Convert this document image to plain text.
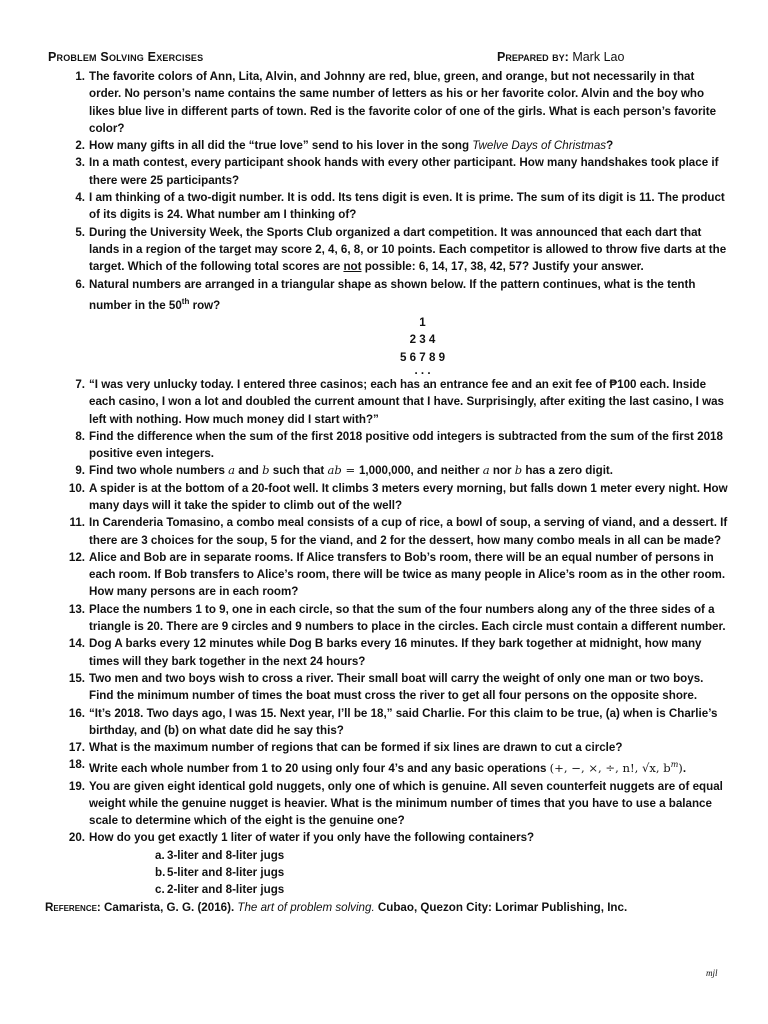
Problem Solving Exercises	Prepared by: Mark Lao
1. The favorite colors of Ann, Lita, Alvin, and Johnny are red, blue, green, and orange, but not necessarily in that order. No person’s name contains the same number of letters as his or her favorite color. Alvin and the boy who likes blue live in different parts of town. Red is the favorite color of one of the girls. What is each person’s favorite color?
2. How many gifts in all did the “true love” send to his lover in the song Twelve Days of Christmas?
3. In a math contest, every participant shook hands with every other participant. How many handshakes took place if there were 25 participants?
4. I am thinking of a two-digit number. It is odd. Its tens digit is even. It is prime. The sum of its digit is 11. The product of its digits is 24. What number am I thinking of?
5. During the University Week, the Sports Club organized a dart competition. It was announced that each dart that lands in a region of the target may score 2, 4, 6, 8, or 10 points. Each competitor is allowed to throw five darts at the target. Which of the following total scores are not possible: 6, 14, 17, 38, 42, 57? Justify your answer.
6. Natural numbers are arranged in a triangular shape as shown below. If the pattern continues, what is the tenth number in the 50th row?
1
2 3 4
5 6 7 8 9
. . .
7. “I was very unlucky today. I entered three casinos; each has an entrance fee and an exit fee of ₱100 each. Inside each casino, I won a lot and doubled the current amount that I have. Surprisingly, after exiting the last casino, I was left with nothing. How much money did I start with?”
8. Find the difference when the sum of the first 2018 positive odd integers is subtracted from the sum of the first 2018 positive even integers.
9. Find two whole numbers a and b such that ab = 1,000,000, and neither a nor b has a zero digit.
10. A spider is at the bottom of a 20-foot well. It climbs 3 meters every morning, but falls down 1 meter every night. How many days will it take the spider to climb out of the well?
11. In Carenderia Tomasino, a combo meal consists of a cup of rice, a bowl of soup, a serving of viand, and a dessert. If there are 3 choices for the soup, 5 for the viand, and 2 for the dessert, how many combo meals in all can be made?
12. Alice and Bob are in separate rooms. If Alice transfers to Bob’s room, there will be an equal number of persons in each room. If Bob transfers to Alice’s room, there will be twice as many people in Alice’s room as in the other room. How many persons are in each room?
13. Place the numbers 1 to 9, one in each circle, so that the sum of the four numbers along any of the three sides of a triangle is 20. There are 9 circles and 9 numbers to place in the circles. Each circle must contain a different number.
14. Dog A barks every 12 minutes while Dog B barks every 16 minutes. If they bark together at midnight, how many times will they bark together in the next 24 hours?
15. Two men and two boys wish to cross a river. Their small boat will carry the weight of only one man or two boys. Find the minimum number of times the boat must cross the river to get all four persons on the opposite shore.
16. “It’s 2018. Two days ago, I was 15. Next year, I’ll be 18,” said Charlie. For this claim to be true, (a) when is Charlie’s birthday, and (b) on what date did he say this?
17. What is the maximum number of regions that can be formed if six lines are drawn to cut a circle?
18. Write each whole number from 1 to 20 using only four 4’s and any basic operations (+, −, ×, ÷, n!, √x, $b^m$).
19. You are given eight identical gold nuggets, only one of which is genuine. All seven counterfeit nuggets are of equal weight while the genuine nugget is heavier. What is the minimum number of times that you have to use a balance scale to determine which of the eight is the genuine one?
20. How do you get exactly 1 liter of water if you only have the following containers?
a. 3-liter and 8-liter jugs
b. 5-liter and 8-liter jugs
c. 2-liter and 8-liter jugs
Reference: Camarista, G. G. (2016). The art of problem solving. Cubao, Quezon City: Lorimar Publishing, Inc.
mjl
